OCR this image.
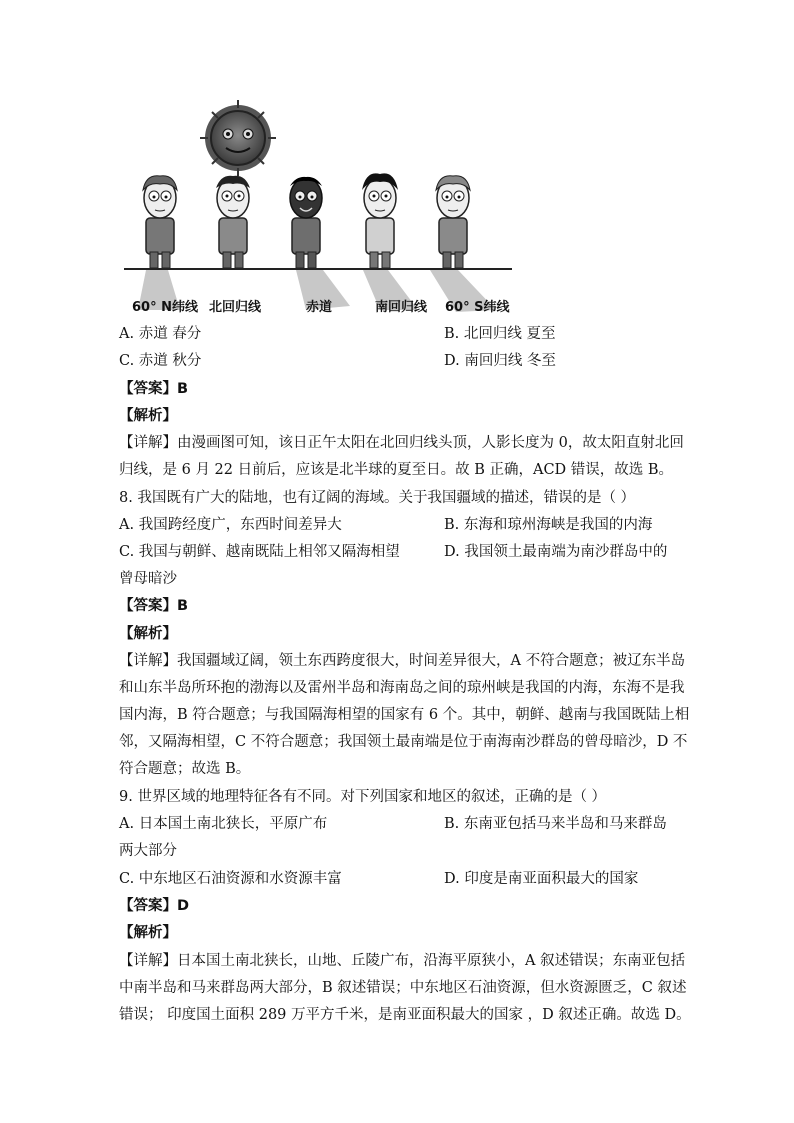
60° N纬线 北回归线	赤道	南回归线 60° S纬线
A. 赤道 春分	B. 北回归线 夏至
C. 赤道 秋分	D. 南回归线 冬至
【答案】B
【解析】
【详解】由漫画图可知，该日正午太阳在北回归线头顶，人影长度为 0，故太阳直射北回
归线，是 6 月 22 日前后，应该是北半球的夏至日。故 B 正确，ACD 错误，故选 B。
8. 我国既有广大的陆地，也有辽阔的海域。关于我国疆域的描述，错误的是（ ）
A. 我国跨经度广，东西时间差异大	B. 东海和琼州海峡是我国的内海
C. 我国与朝鲜、越南既陆上相邻又隔海相望	D. 我国领土最南端为南沙群岛中的
曾母暗沙
【答案】B
【解析】
【详解】我国疆域辽阔，领土东西跨度很大，时间差异很大，A 不符合题意；被辽东半岛
和山东半岛所环抱的渤海以及雷州半岛和海南岛之间的琼州峡是我国的内海，东海不是我
国内海，B 符合题意；与我国隔海相望的国家有 6 个。其中，朝鲜、越南与我国既陆上相
邻，又隔海相望，C 不符合题意；我国领土最南端是位于南海南沙群岛的曾母暗沙，D 不
符合题意；故选 B。
9. 世界区域的地理特征各有不同。对下列国家和地区的叙述，正确的是（ ）
A. 日本国土南北狭长，平原广布	B. 东南亚包括马来半岛和马来群岛
两大部分
C. 中东地区石油资源和水资源丰富	D. 印度是南亚面积最大的国家
【答案】D
【解析】
【详解】日本国土南北狭长，山地、丘陵广布，沿海平原狭小，A 叙述错误；东南亚包括
中南半岛和马来群岛两大部分，B 叙述错误；中东地区石油资源，但水资源匮乏，C 叙述
错误； 印度国土面积 289 万平方千米，是南亚面积最大的国家 ，D 叙述正确。故选 D。
